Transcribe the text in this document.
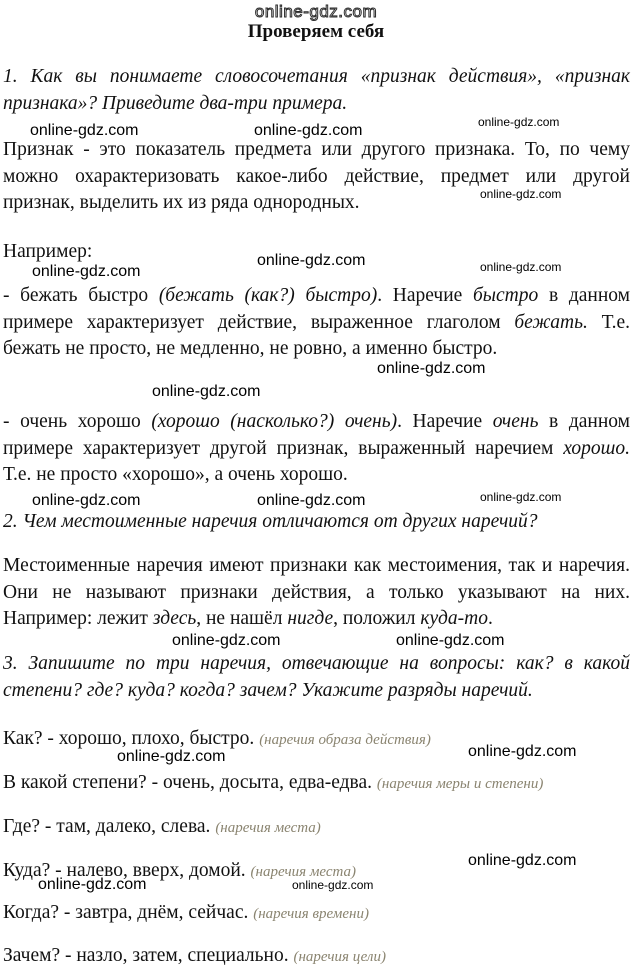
online-gdz.com
Проверяем себя

1. Как вы понимаете словосочетания «признак действия», «признак признака»? Приведите два-три примера.

Признак - это показатель предмета или другого признака. То, по чему можно охарактеризовать какое-либо действие, предмет или другой признак, выделить их из ряда однородных.

Например:

- бежать быстро (бежать (как?) быстро). Наречие быстро в данном примере характеризует действие, выраженное глаголом бежать. Т.е. бежать не просто, не медленно, не ровно, а именно быстро.

- очень хорошо (хорошо (насколько?) очень). Наречие очень в данном примере характеризует другой признак, выраженный наречием хорошо. Т.е. не просто «хорошо», а очень хорошо.

2. Чем местоименные наречия отличаются от других наречий?

Местоименные наречия имеют признаки как местоимения, так и наречия. Они не называют признаки действия, а только указывают на них. Например: лежит здесь, не нашёл нигде, положил куда-то.

3. Запишите по три наречия, отвечающие на вопросы: как? в какой степени? где? куда? когда? зачем? Укажите разряды наречий.

Как? - хорошо, плохо, быстро. (наречия образа действия)

В какой степени? - очень, досыта, едва-едва. (наречия меры и степени)

Где? - там, далеко, слева. (наречия места)

Куда? - налево, вверх, домой. (наречия места)

Когда? - завтра, днём, сейчас. (наречия времени)

Зачем? - назло, затем, специально. (наречия цели)

online-gdz.com	online-gdz.com	online-gdz.com
online-gdz.com
online-gdz.com
online-gdz.com	online-gdz.com
online-gdz.com
online-gdz.com
online-gdz.com	online-gdz.com	online-gdz.com
online-gdz.com	online-gdz.com
online-gdz.com	online-gdz.com
online-gdz.com
online-gdz.com	online-gdz.com
